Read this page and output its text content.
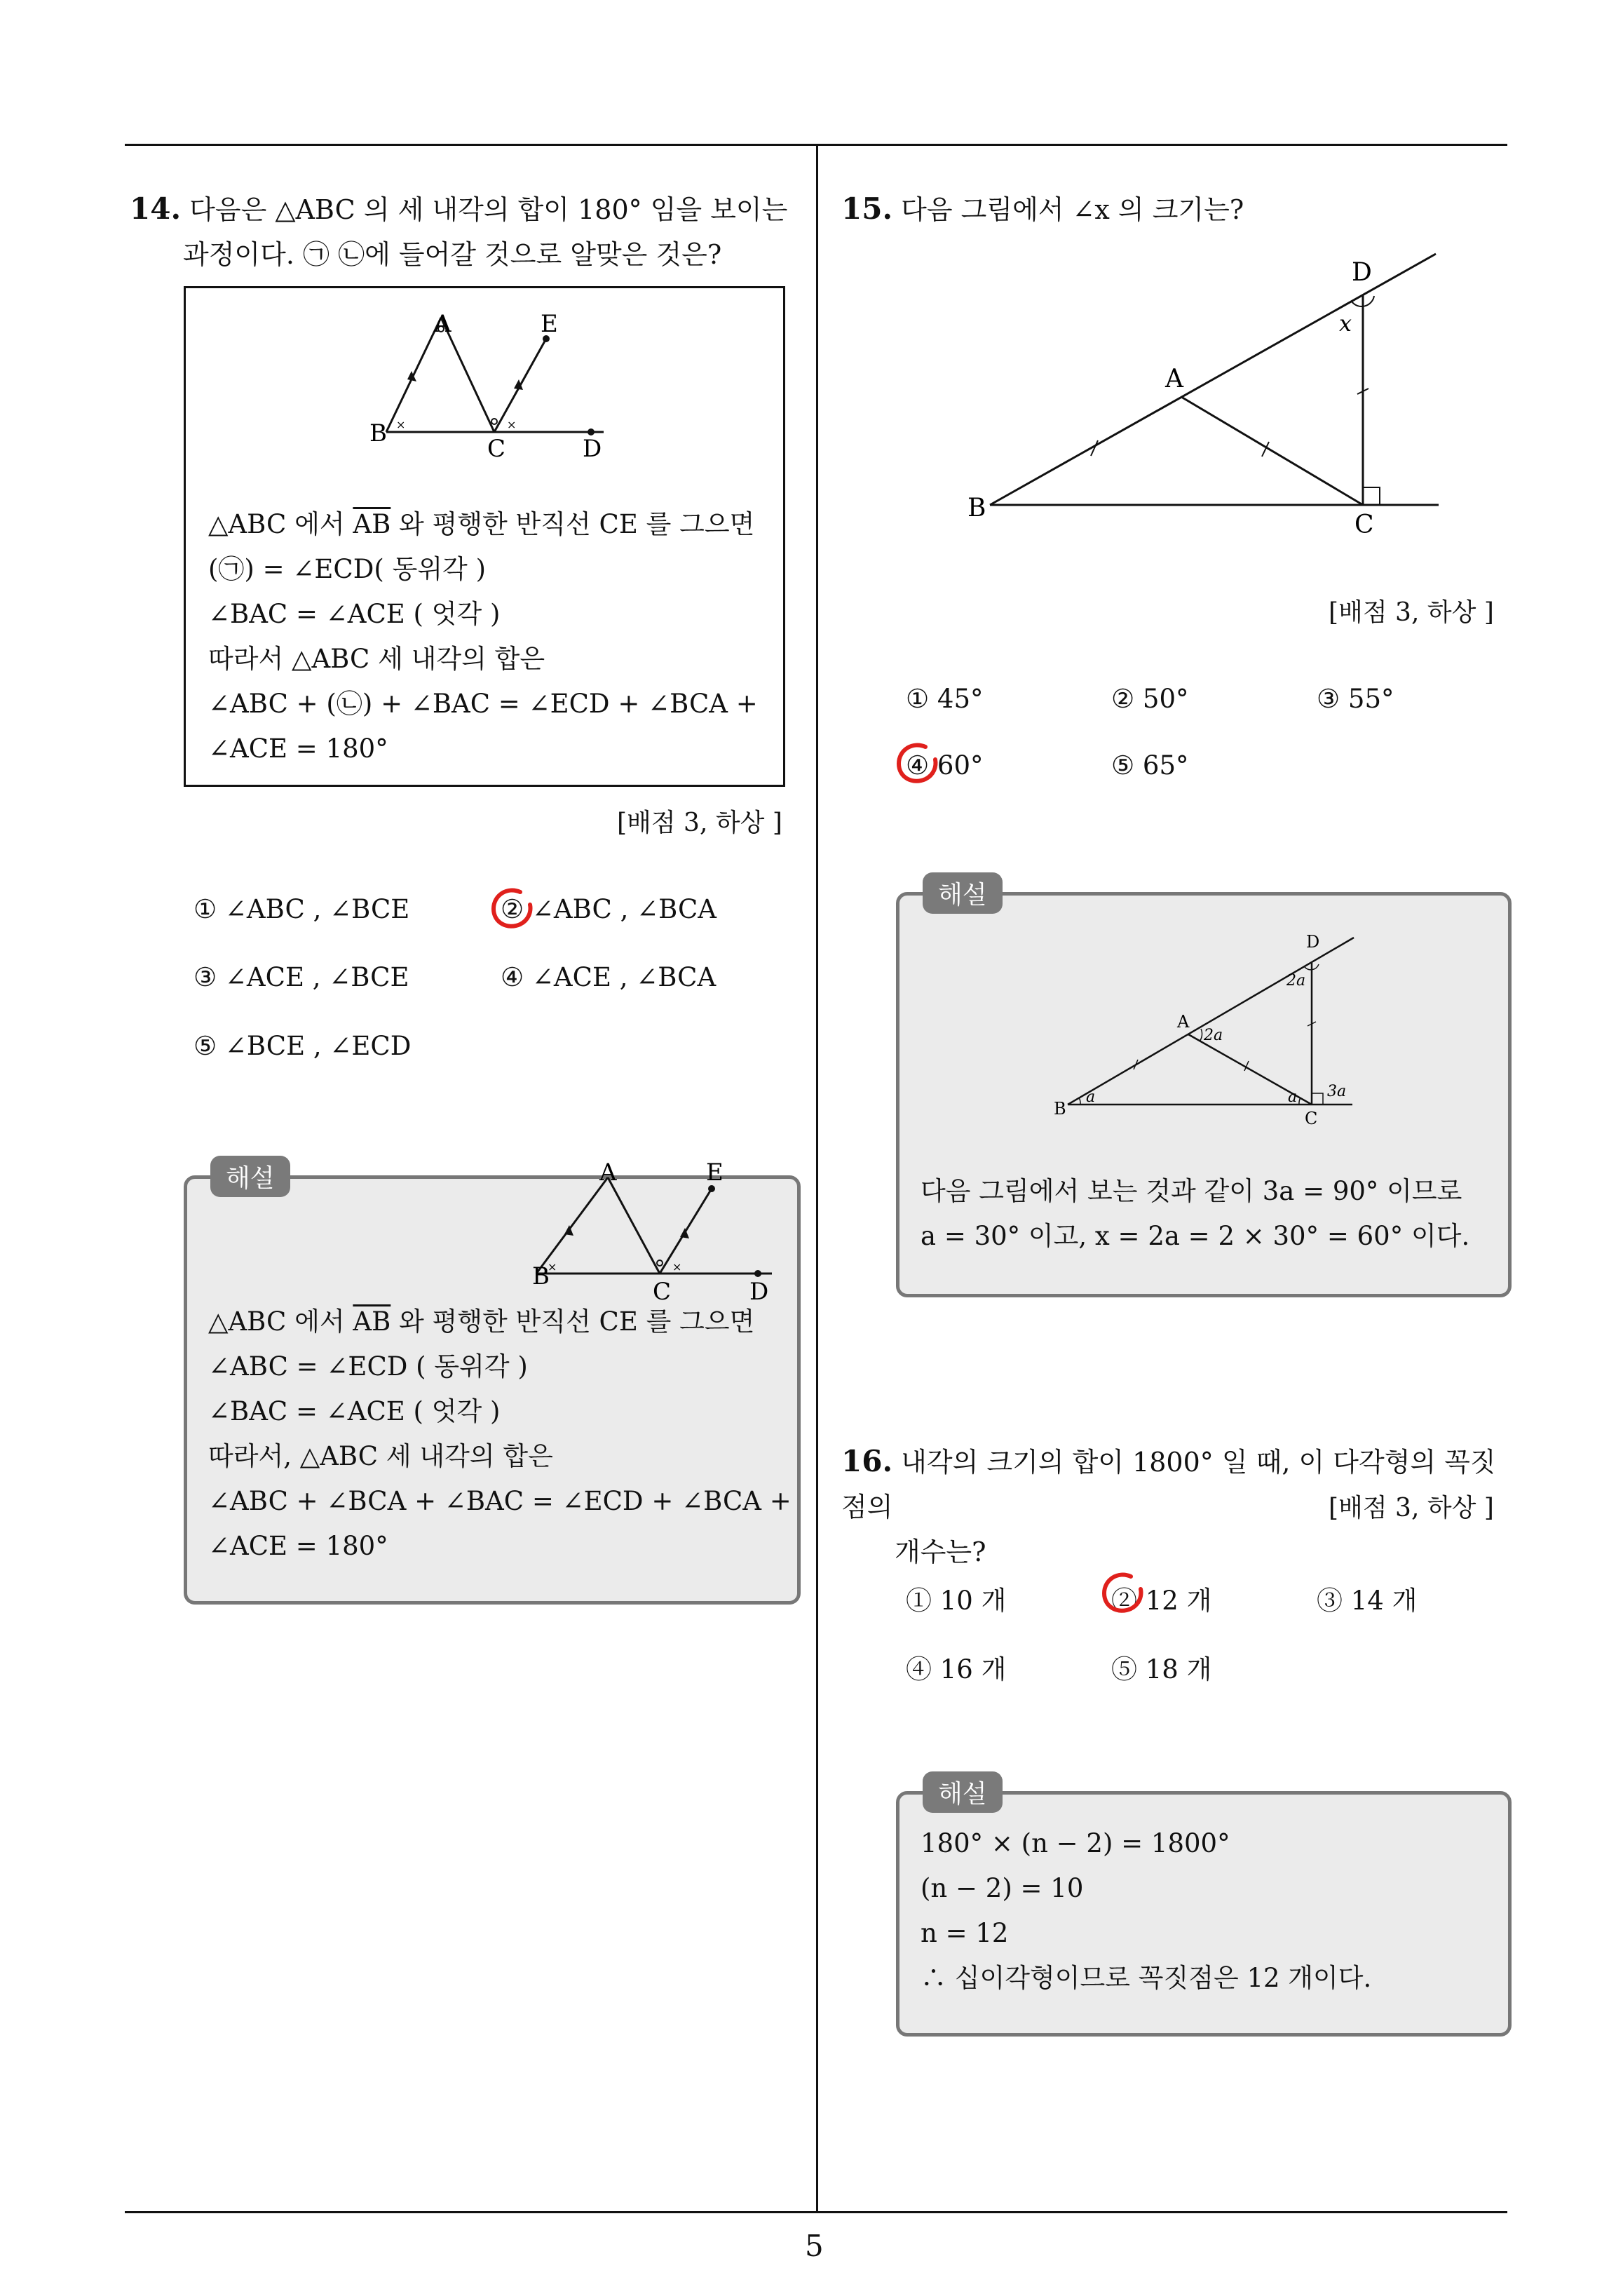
5
14. 다음은 △ABC 의 세 내각의 합이 180° 임을 보이는
과정이다. ㉠ ㉡에 들어갈 것으로 알맞은 것은?
×	×
A	E
B
C	D
△ABC 에서 $\overline{AB}$ 와 평행한 반직선 CE 를 그으면
(㉠) = ∠ECD( 동위각 )
∠BAC = ∠ACE ( 엇각 )
따라서 △ABC 세 내각의 합은
∠ABC + (㉡) + ∠BAC = ∠ECD + ∠BCA +
∠ACE = 180°
[배점 3, 하상 ]
① ∠ABC , ∠BCE	② ∠ABC , ∠BCA
③ ∠ACE , ∠BCE	④ ∠ACE , ∠BCA
⑤ ∠BCE , ∠ECD
×	×
A	E
B
C	D
△ABC 에서 $\overline{AB}$ 와 평행한 반직선 CE 를 그으면
∠ABC = ∠ECD ( 동위각 )
∠BAC = ∠ACE ( 엇각 )
따라서, △ABC 세 내각의 합은
∠ABC + ∠BCA + ∠BAC = ∠ECD + ∠BCA +
∠ACE = 180°
해설
15. 다음 그림에서 ∠x 의 크기는?
D
x
A
B
C
[배점 3, 하상 ]
① 45°	② 50°	③ 55°
④ 60°	⑤ 65°
D
2a
A
2a
B
a	a 3a
C
다음 그림에서 보는 것과 같이 3a = 90° 이므로
a = 30° 이고, x = 2a = 2 × 30° = 60° 이다.
해설
16. 내각의 크기의 합이 1800° 일 때, 이 다각형의 꼭짓점의
개수는?
[배점 3, 하상 ]
① 10 개	② 12 개	③ 14 개
④ 16 개	⑤ 18 개
180° × (n − 2) = 1800°
(n − 2) = 10
n = 12
∴ 십이각형이므로 꼭짓점은 12 개이다.
해설
